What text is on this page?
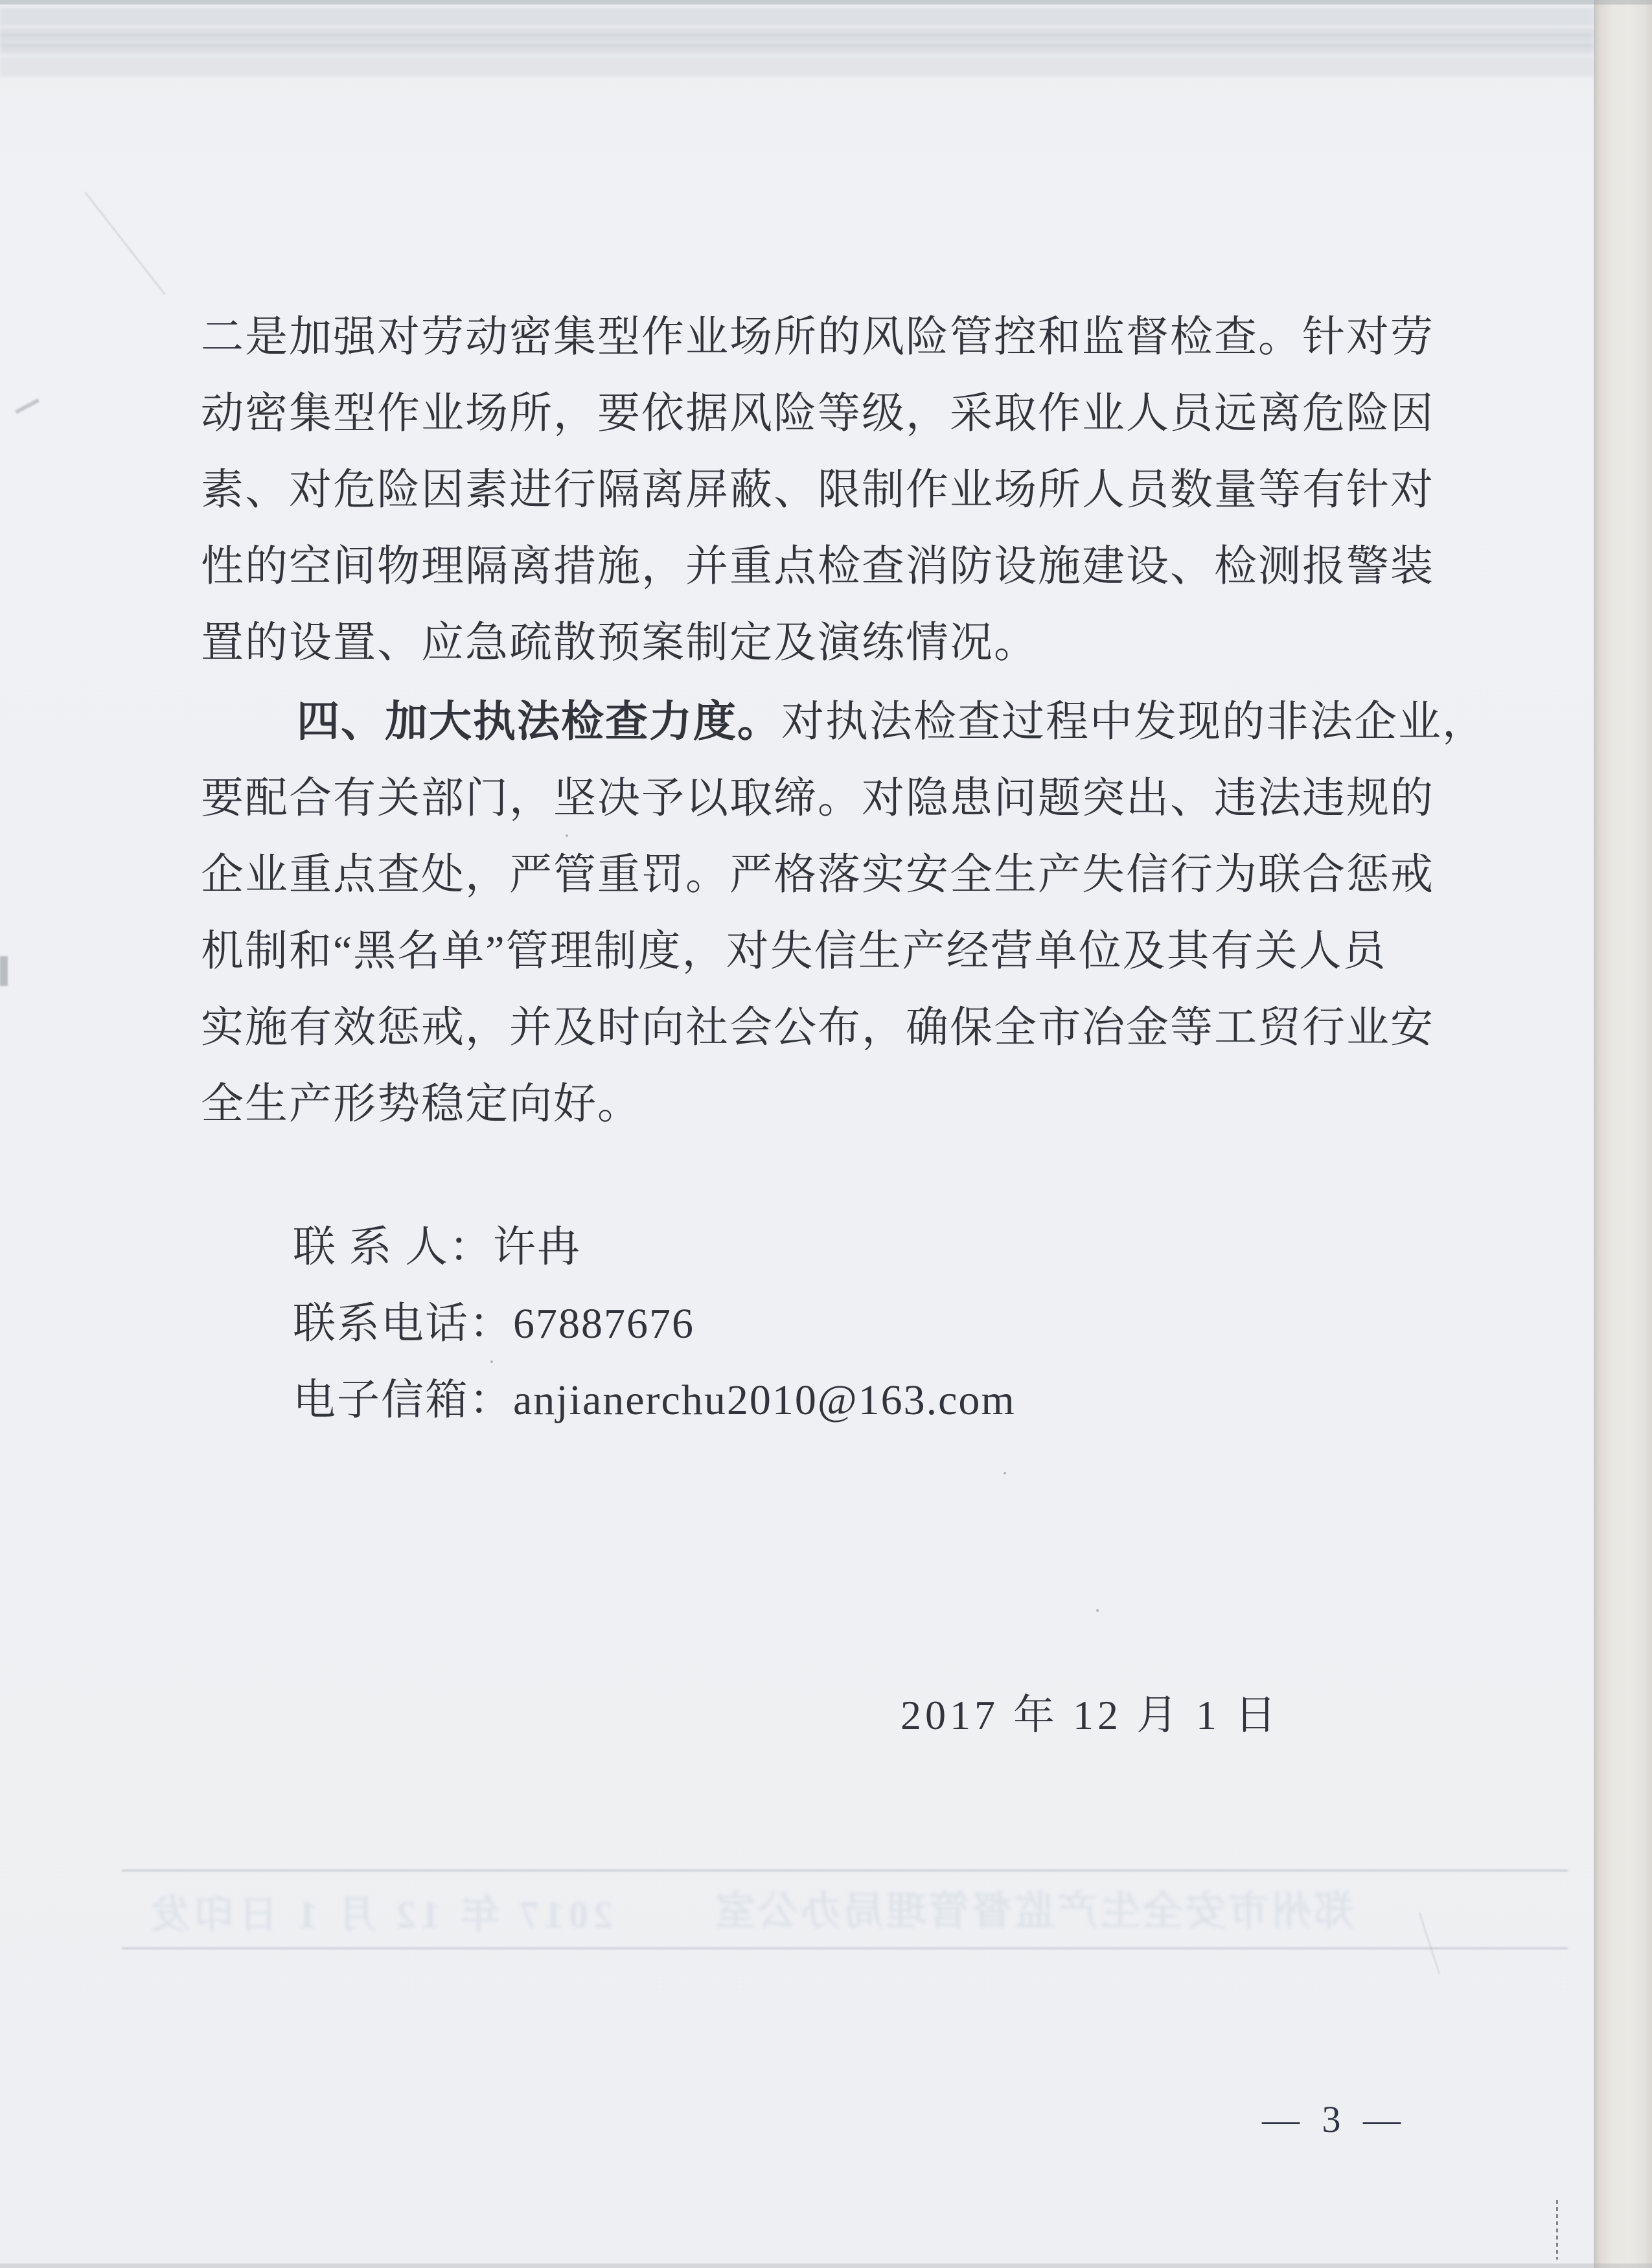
二是加强对劳动密集型作业场所的风险管控和监督检查。针对劳
动密集型作业场所，要依据风险等级，采取作业人员远离危险因
素、对危险因素进行隔离屏蔽、限制作业场所人员数量等有针对
性的空间物理隔离措施，并重点检查消防设施建设、检测报警装
置的设置、应急疏散预案制定及演练情况。
四、加大执法检查力度。对执法检查过程中发现的非法企业，
要配合有关部门，坚决予以取缔。对隐患问题突出、违法违规的
企业重点查处，严管重罚。严格落实安全生产失信行为联合惩戒
机制和“黑名单”管理制度，对失信生产经营单位及其有关人员
实施有效惩戒，并及时向社会公布，确保全市冶金等工贸行业安
全生产形势稳定向好。
联 系 人：许冉
联系电话：67887676
电子信箱：anjianerchu2010@163.com
2017 年 12 月 1 日
2017 年 12 月 1 日印发 郑州市安全生产监督管理局办公室
— 3 —
